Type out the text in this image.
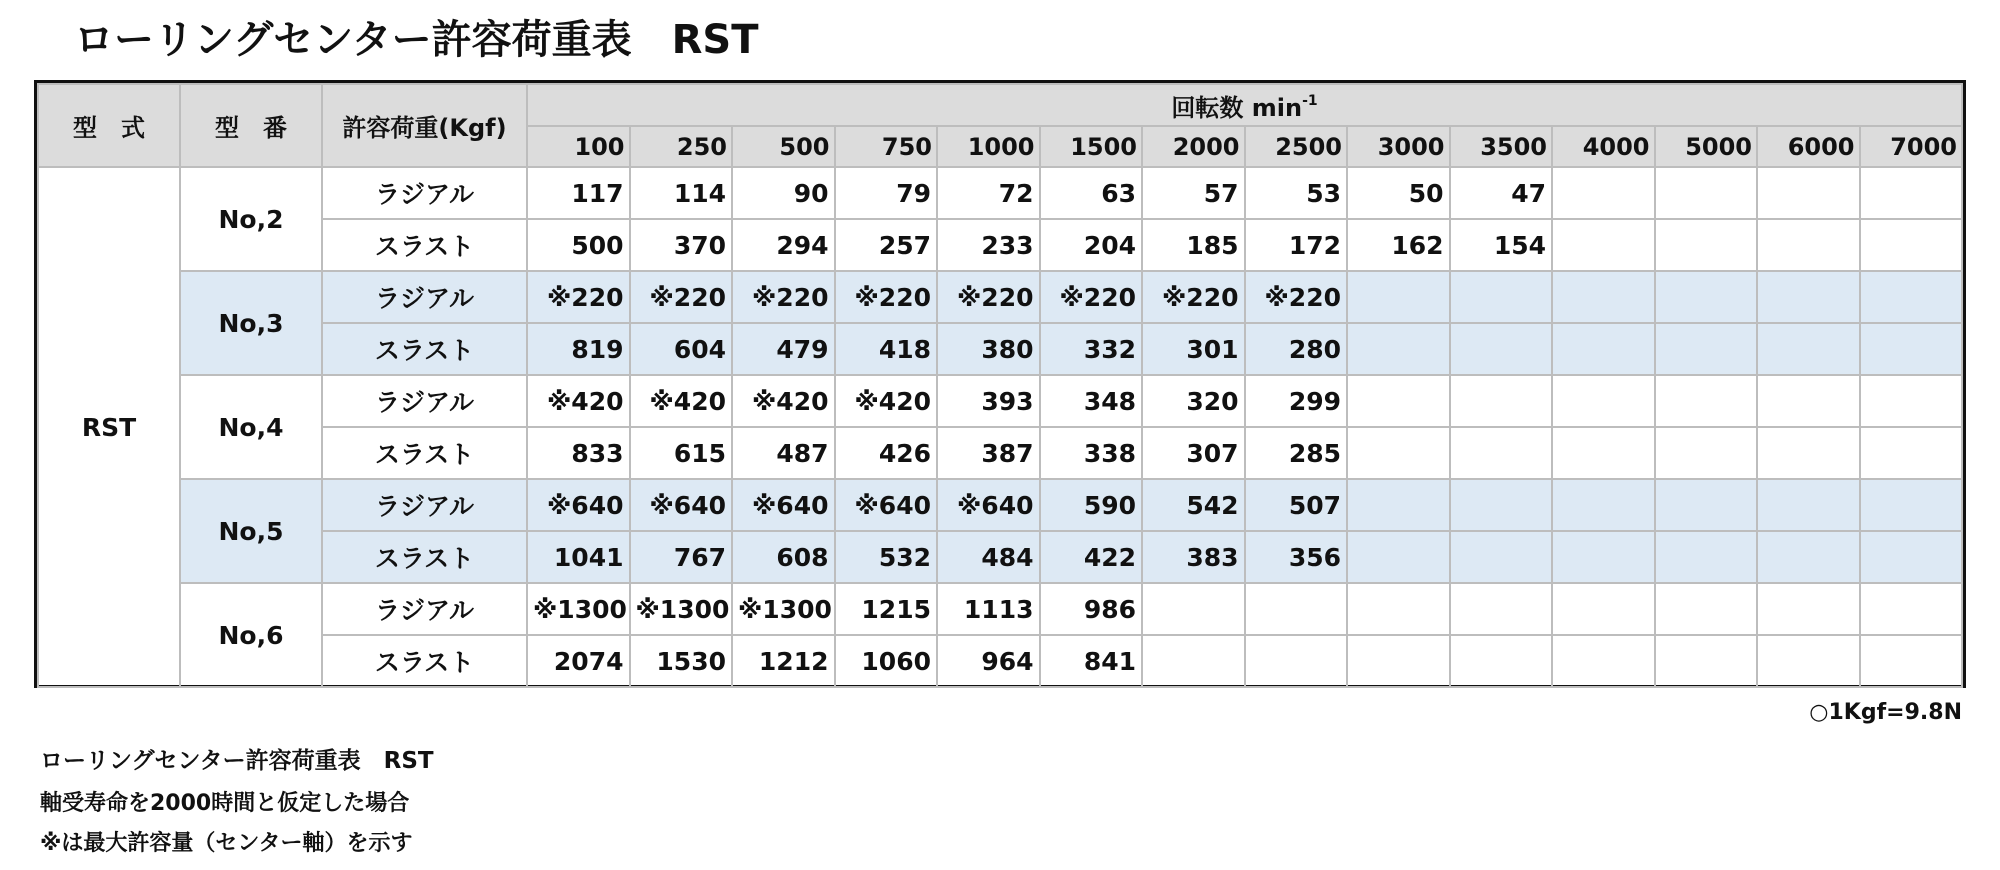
ローリングセンター許容荷重表　RST
型　式	型　番	許容荷重(Kgf)	回転数 $\min^{-1}$
			100	250	500	750	1000	1500	2000	2500	3000	3500	4000	5000	6000	7000
RST	No,2	ラジアル	117	114	90	79	72	63	57	53	50	47				
		スラスト	500	370	294	257	233	204	185	172	162	154				
	No,3	ラジアル	※220	※220	※220	※220	※220	※220	※220	※220						
		スラスト	819	604	479	418	380	332	301	280						
	No,4	ラジアル	※420	※420	※420	※420	393	348	320	299						
		スラスト	833	615	487	426	387	338	307	285						
	No,5	ラジアル	※640	※640	※640	※640	※640	590	542	507						
		スラスト	1041	767	608	532	484	422	383	356						
	No,6	ラジアル	※1300	※1300	※1300	1215	1113	986								
		スラスト	2074	1530	1212	1060	964	841								
○1Kgf=9.8N
ローリングセンター許容荷重表　RST
軸受寿命を2000時間と仮定した場合
※は最大許容量（センター軸）を示す
